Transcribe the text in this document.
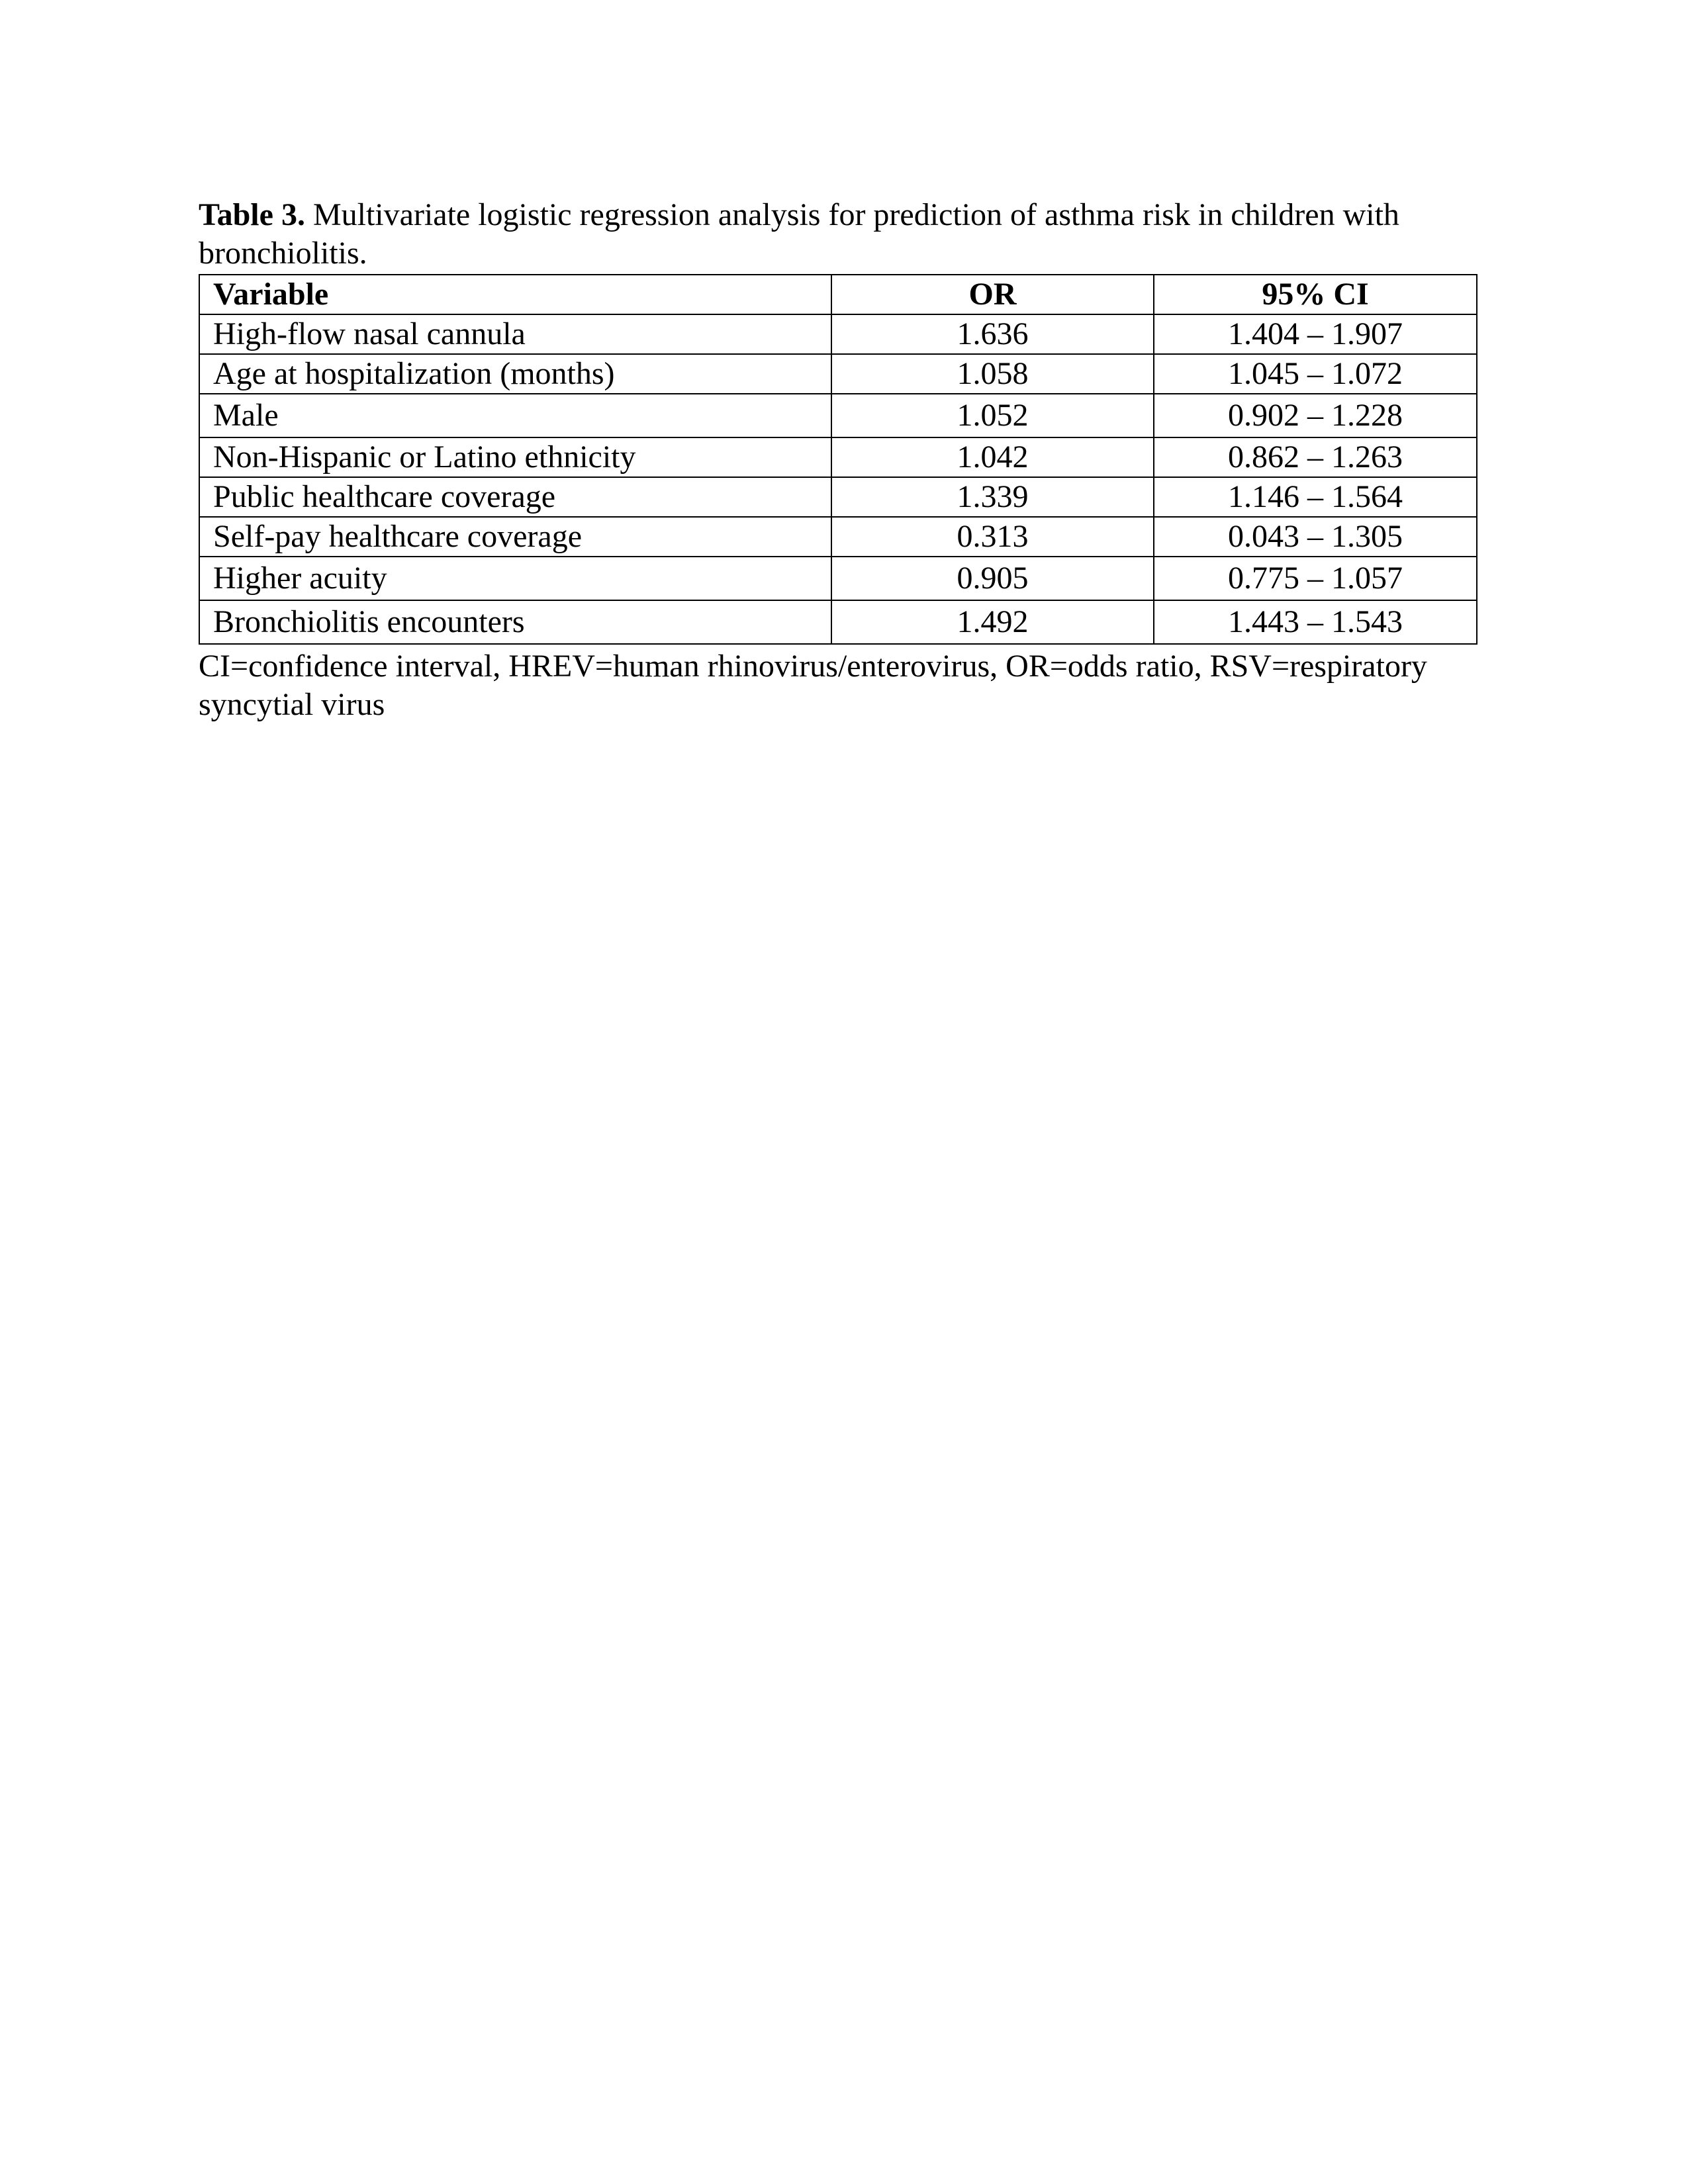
Table 3. Multivariate logistic regression analysis for prediction of asthma risk in children with bronchiolitis.

Variable	OR	95% CI
High-flow nasal cannula	1.636	1.404 – 1.907
Age at hospitalization (months)	1.058	1.045 – 1.072
Male	1.052	0.902 – 1.228
Non-Hispanic or Latino ethnicity	1.042	0.862 – 1.263
Public healthcare coverage	1.339	1.146 – 1.564
Self-pay healthcare coverage	0.313	0.043 – 1.305
Higher acuity	0.905	0.775 – 1.057
Bronchiolitis encounters	1.492	1.443 – 1.543

CI=confidence interval, HREV=human rhinovirus/enterovirus, OR=odds ratio, RSV=respiratory syncytial virus
